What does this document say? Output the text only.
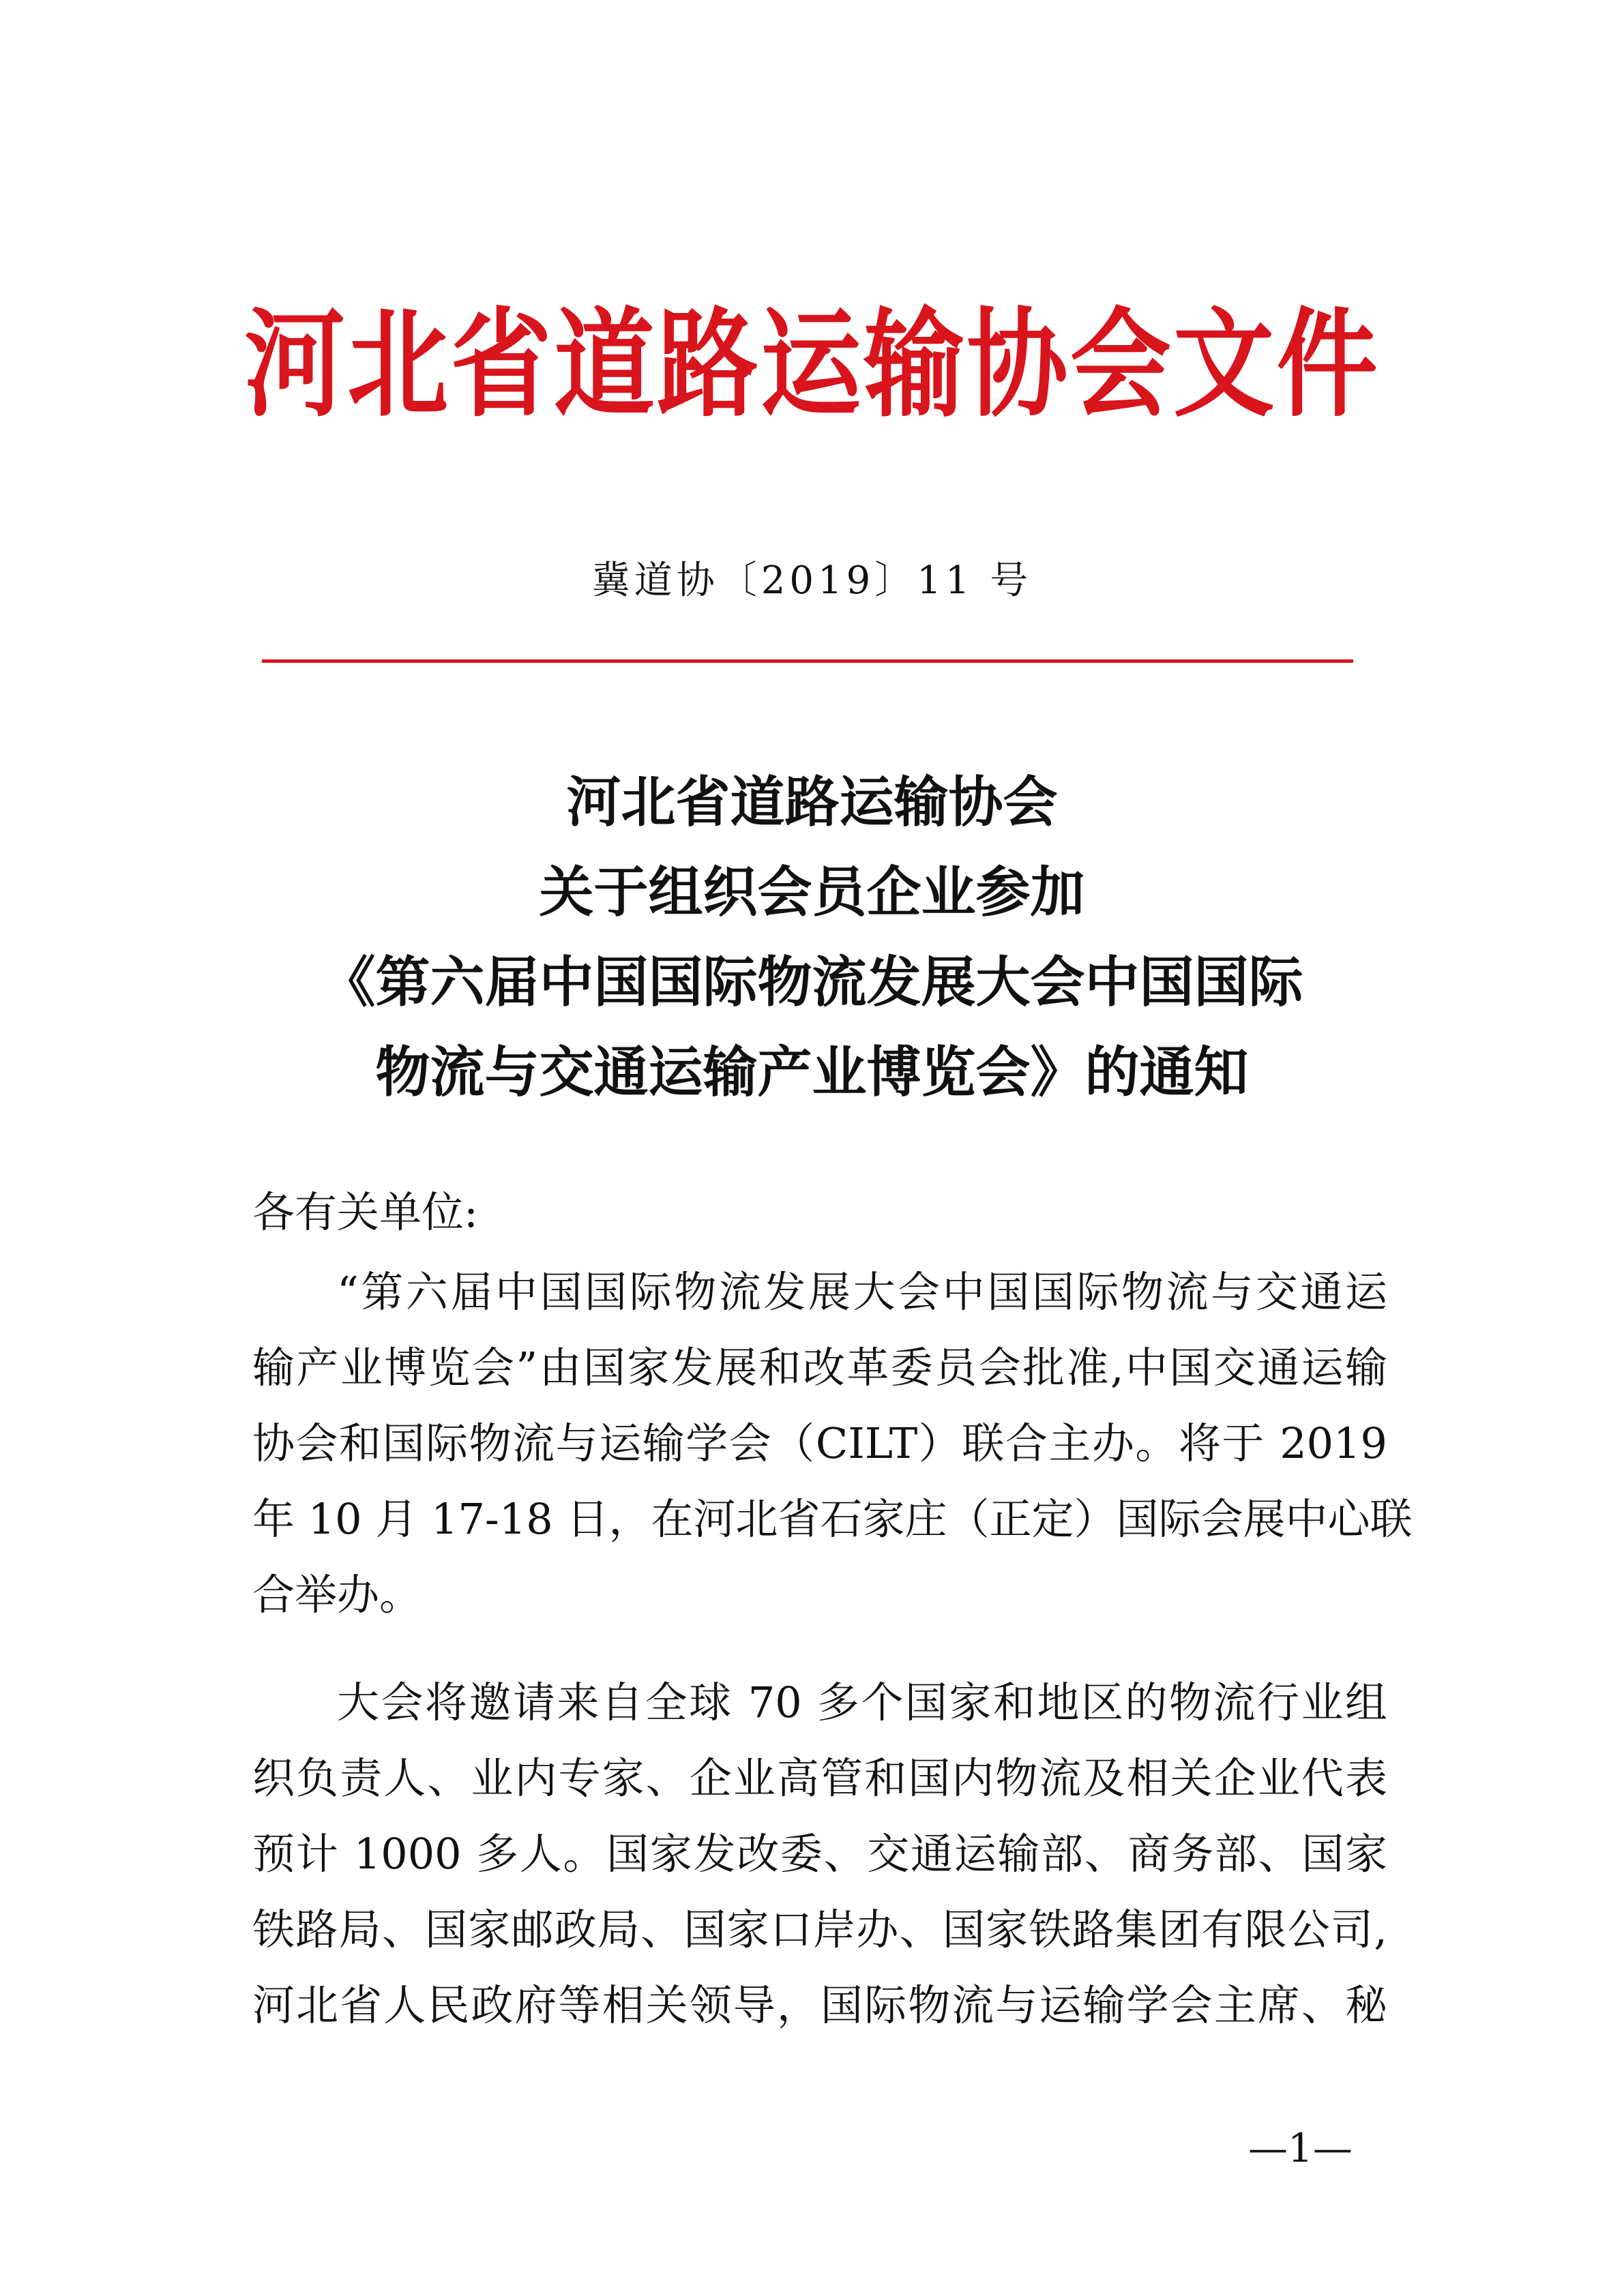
河北省道路运输协会文件
冀道协〔2019〕11 号
河北省道路运输协会
关于组织会员企业参加
《第六届中国国际物流发展大会中国国际
物流与交通运输产业博览会》的通知
各有关单位:
“第六届中国国际物流发展大会中国国际物流与交通运
输产业博览会”由国家发展和改革委员会批准,中国交通运输
协会和国际物流与运输学会（CILT）联合主办。将于 2019
年 10 月 17-18 日，在河北省石家庄（正定）国际会展中心联
合举办。
大会将邀请来自全球 70 多个国家和地区的物流行业组
织负责人、业内专家、企业高管和国内物流及相关企业代表
预计 1000 多人。国家发改委、交通运输部、商务部、国家
铁路局、国家邮政局、国家口岸办、国家铁路集团有限公司,
河北省人民政府等相关领导，国际物流与运输学会主席、秘
—1—
